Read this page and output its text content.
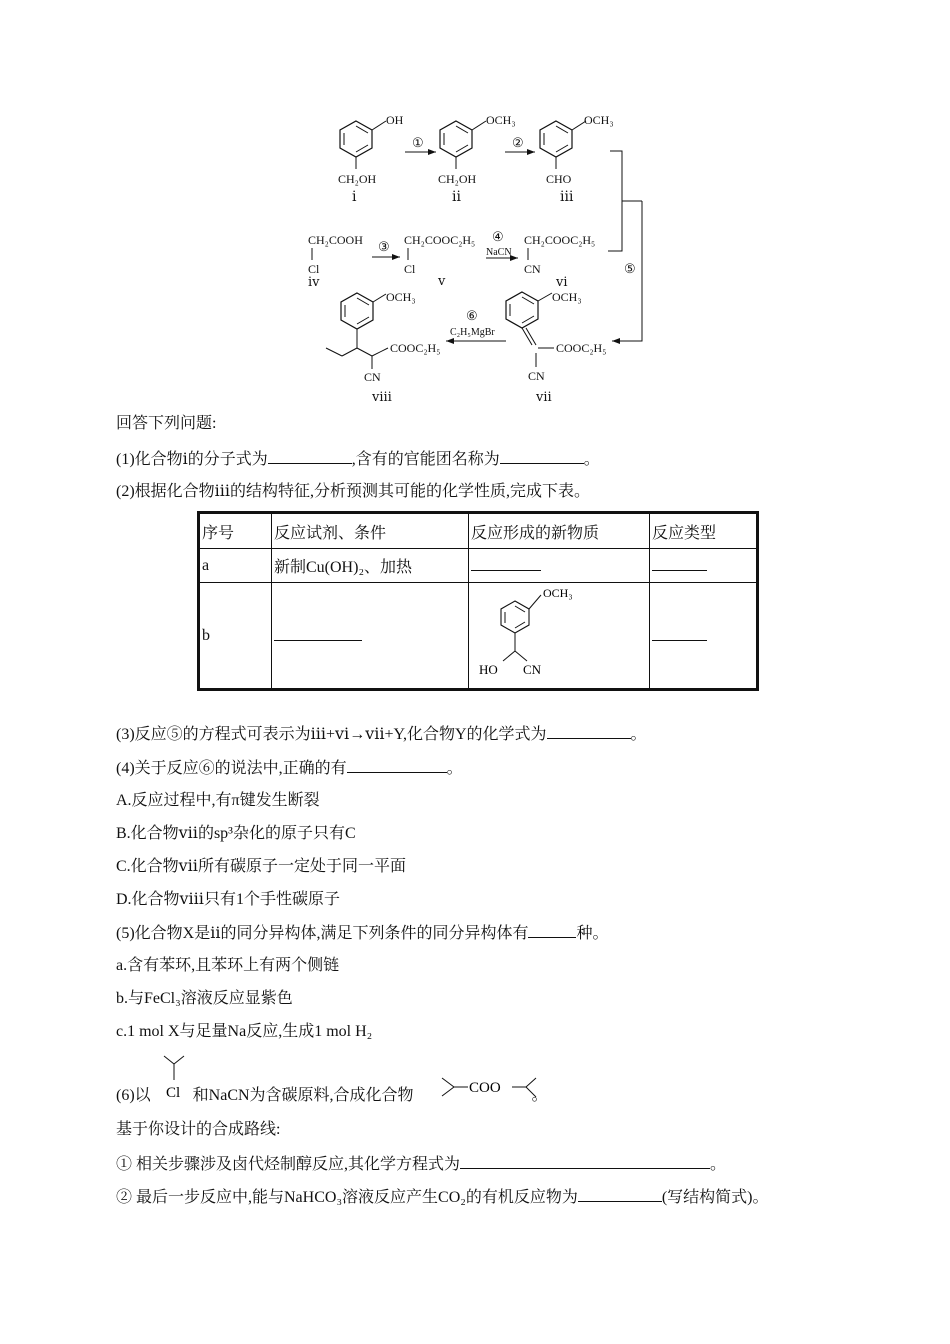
OH
CH₂OH
ⅰ
①
OCH₃
CH₂OH
ⅱ
②
OCH₃
CHO
ⅲ
⑤
CH₂COOH
Cl
ⅳ
③ CH₂COOC₂H₅
Cl
ⅴ
④
NaCN
CH₂COOC₂H₅
CN
ⅵ
OCH₃
COOC₂H₅
CN
ⅶ
⑥
C₂H₅MgBr
OCH₃
COOC₂H₅
CN
ⅷ
回答下列问题:
(1)化合物ⅰ的分子式为	,含有的官能团名称为	。
(2)根据化合物ⅲ的结构特征,分析预测其可能的化学性质,完成下表。
序号	反应试剂、条件	反应形成的新物质	反应类型
a	新制Cu(OH)₂、加热		
b		OCH₃
HO CN	

(3)反应⑤的方程式可表示为ⅲ+ⅵ→ⅶ+Y,化合物Y的化学式为	。
(4)关于反应⑥的说法中,正确的有	。
A.反应过程中,有π键发生断裂
B.化合物ⅶ的sp³杂化的原子只有C
C.化合物ⅶ所有碳原子一定处于同一平面
D.化合物ⅷ只有1个手性碳原子
(5)化合物X是ⅱ的同分异构体,满足下列条件的同分异构体有	种。
a.含有苯环,且苯环上有两个侧链
b.与FeCl₃溶液反应显紫色
c.1 mol X与足量Na反应,生成1 mol H₂
(6)以	和NaCN为含碳原料,合成化合物	。
Cl	COO
基于你设计的合成路线:
① 相关步骤涉及卤代烃制醇反应,其化学方程式为	。
② 最后一步反应中,能与NaHCO₃溶液反应产生CO₂的有机反应物为	(写结构简式)。
